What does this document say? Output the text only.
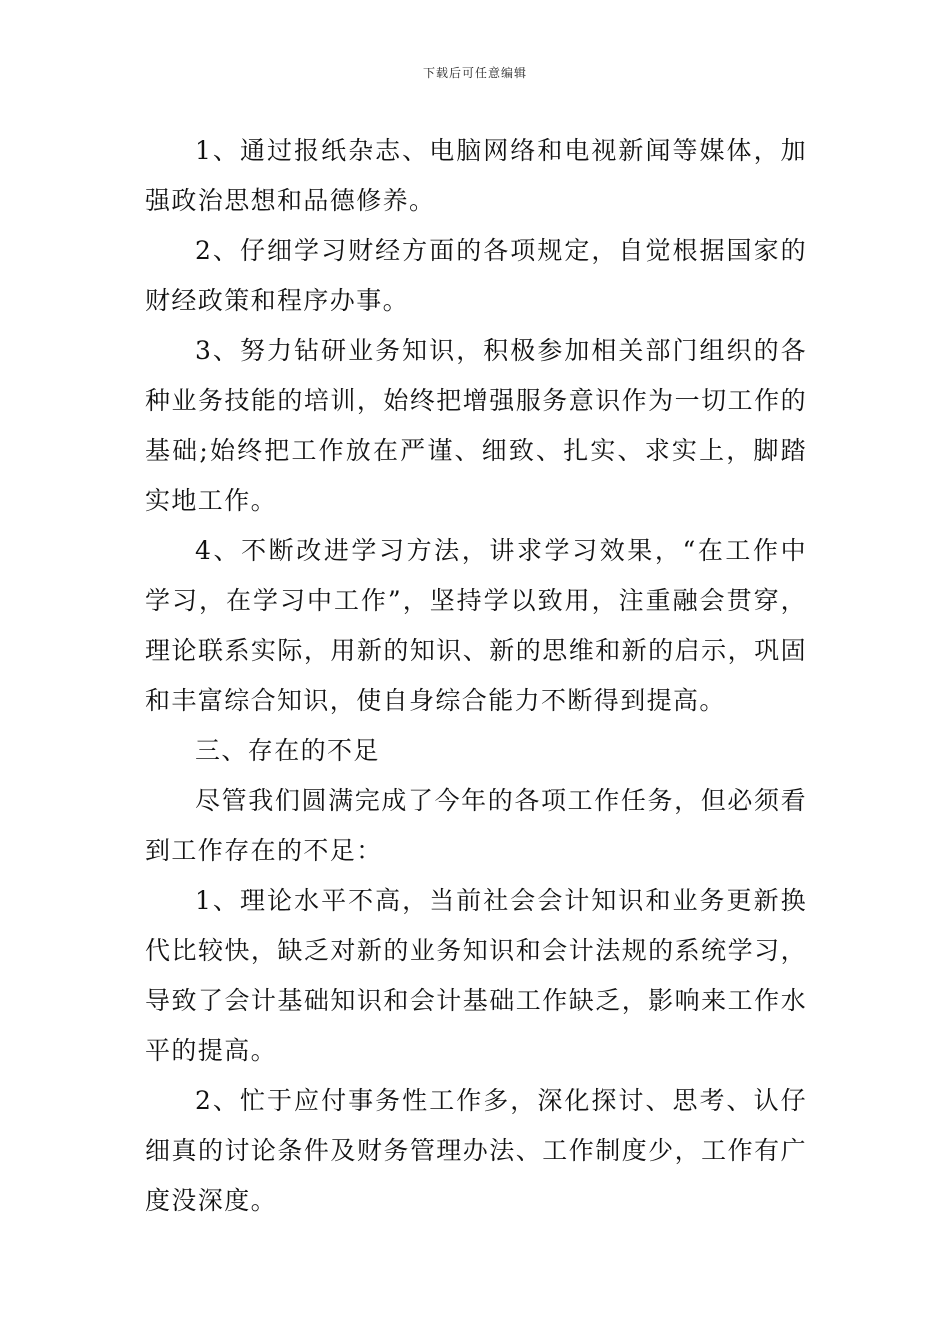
下载后可任意编辑

1、通过报纸杂志、电脑网络和电视新闻等媒体，加强政治思想和品德修养。

2、仔细学习财经方面的各项规定，自觉根据国家的财经政策和程序办事。

3、努力钻研业务知识，积极参加相关部门组织的各种业务技能的培训，始终把增强服务意识作为一切工作的基础;始终把工作放在严谨、细致、扎实、求实上，脚踏实地工作。

4、不断改进学习方法，讲求学习效果，“在工作中学习，在学习中工作”，坚持学以致用，注重融会贯穿，理论联系实际，用新的知识、新的思维和新的启示，巩固和丰富综合知识，使自身综合能力不断得到提高。

三、存在的不足

尽管我们圆满完成了今年的各项工作任务，但必须看到工作存在的不足：

1、理论水平不高，当前社会会计知识和业务更新换代比较快，缺乏对新的业务知识和会计法规的系统学习，导致了会计基础知识和会计基础工作缺乏，影响来工作水平的提高。

2、忙于应付事务性工作多，深化探讨、思考、认仔细真的讨论条件及财务管理办法、工作制度少，工作有广度没深度。
